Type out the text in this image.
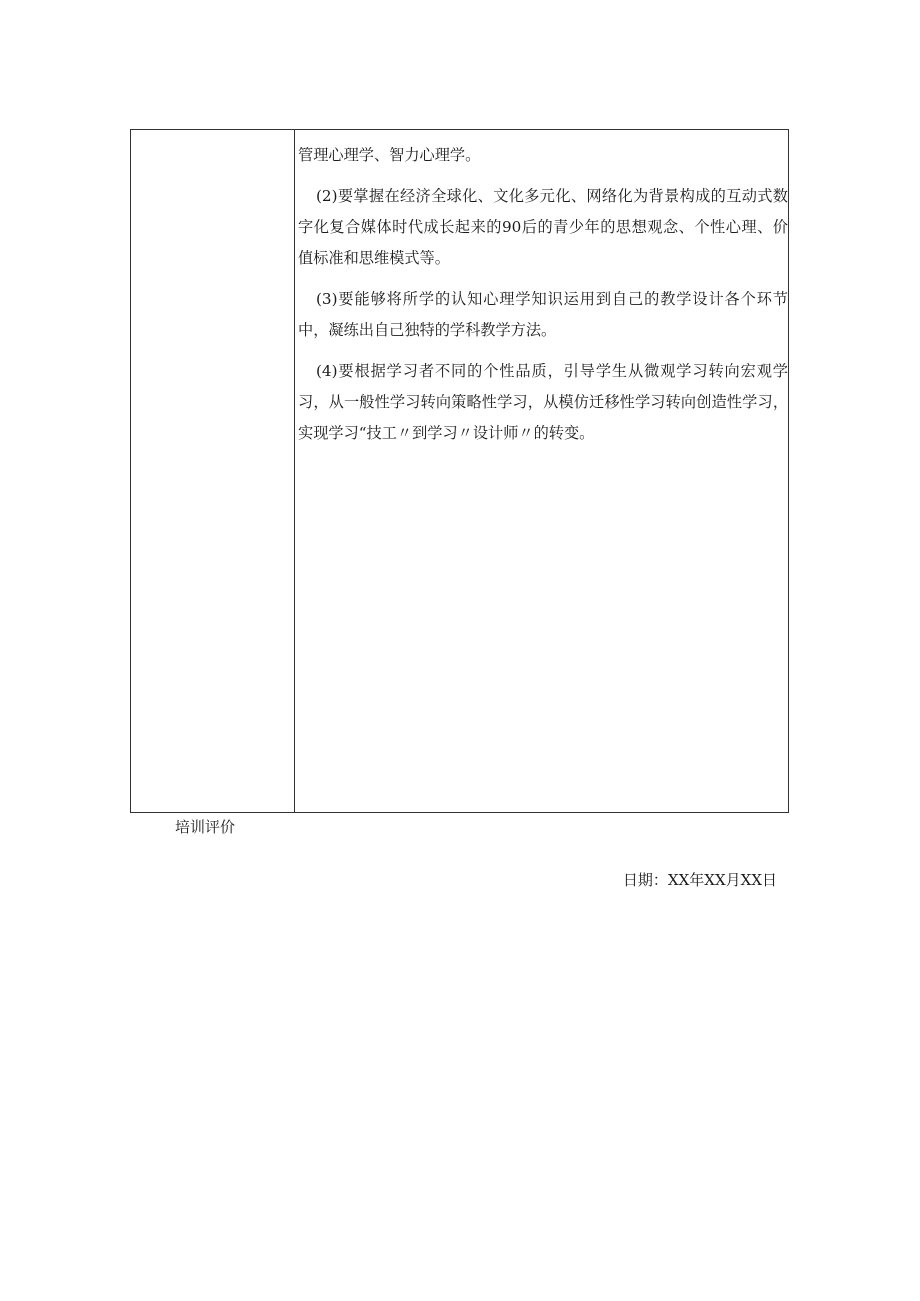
管理心理学、智力心理学。

(2)要掌握在经济全球化、文化多元化、网络化为背景构成的互动式数字化复合媒体时代成长起来的90后的青少年的思想观念、个性心理、价值标准和思维模式等。

(3)要能够将所学的认知心理学知识运用到自己的教学设计各个环节中，凝练出自己独特的学科教学方法。

(4)要根据学习者不同的个性品质，引导学生从微观学习转向宏观学习，从一般性学习转向策略性学习，从模仿迁移性学习转向创造性学习，实现学习“技工〃到学习〃设计师〃的转变。

培训评价

日期：XX年XX月XX日
